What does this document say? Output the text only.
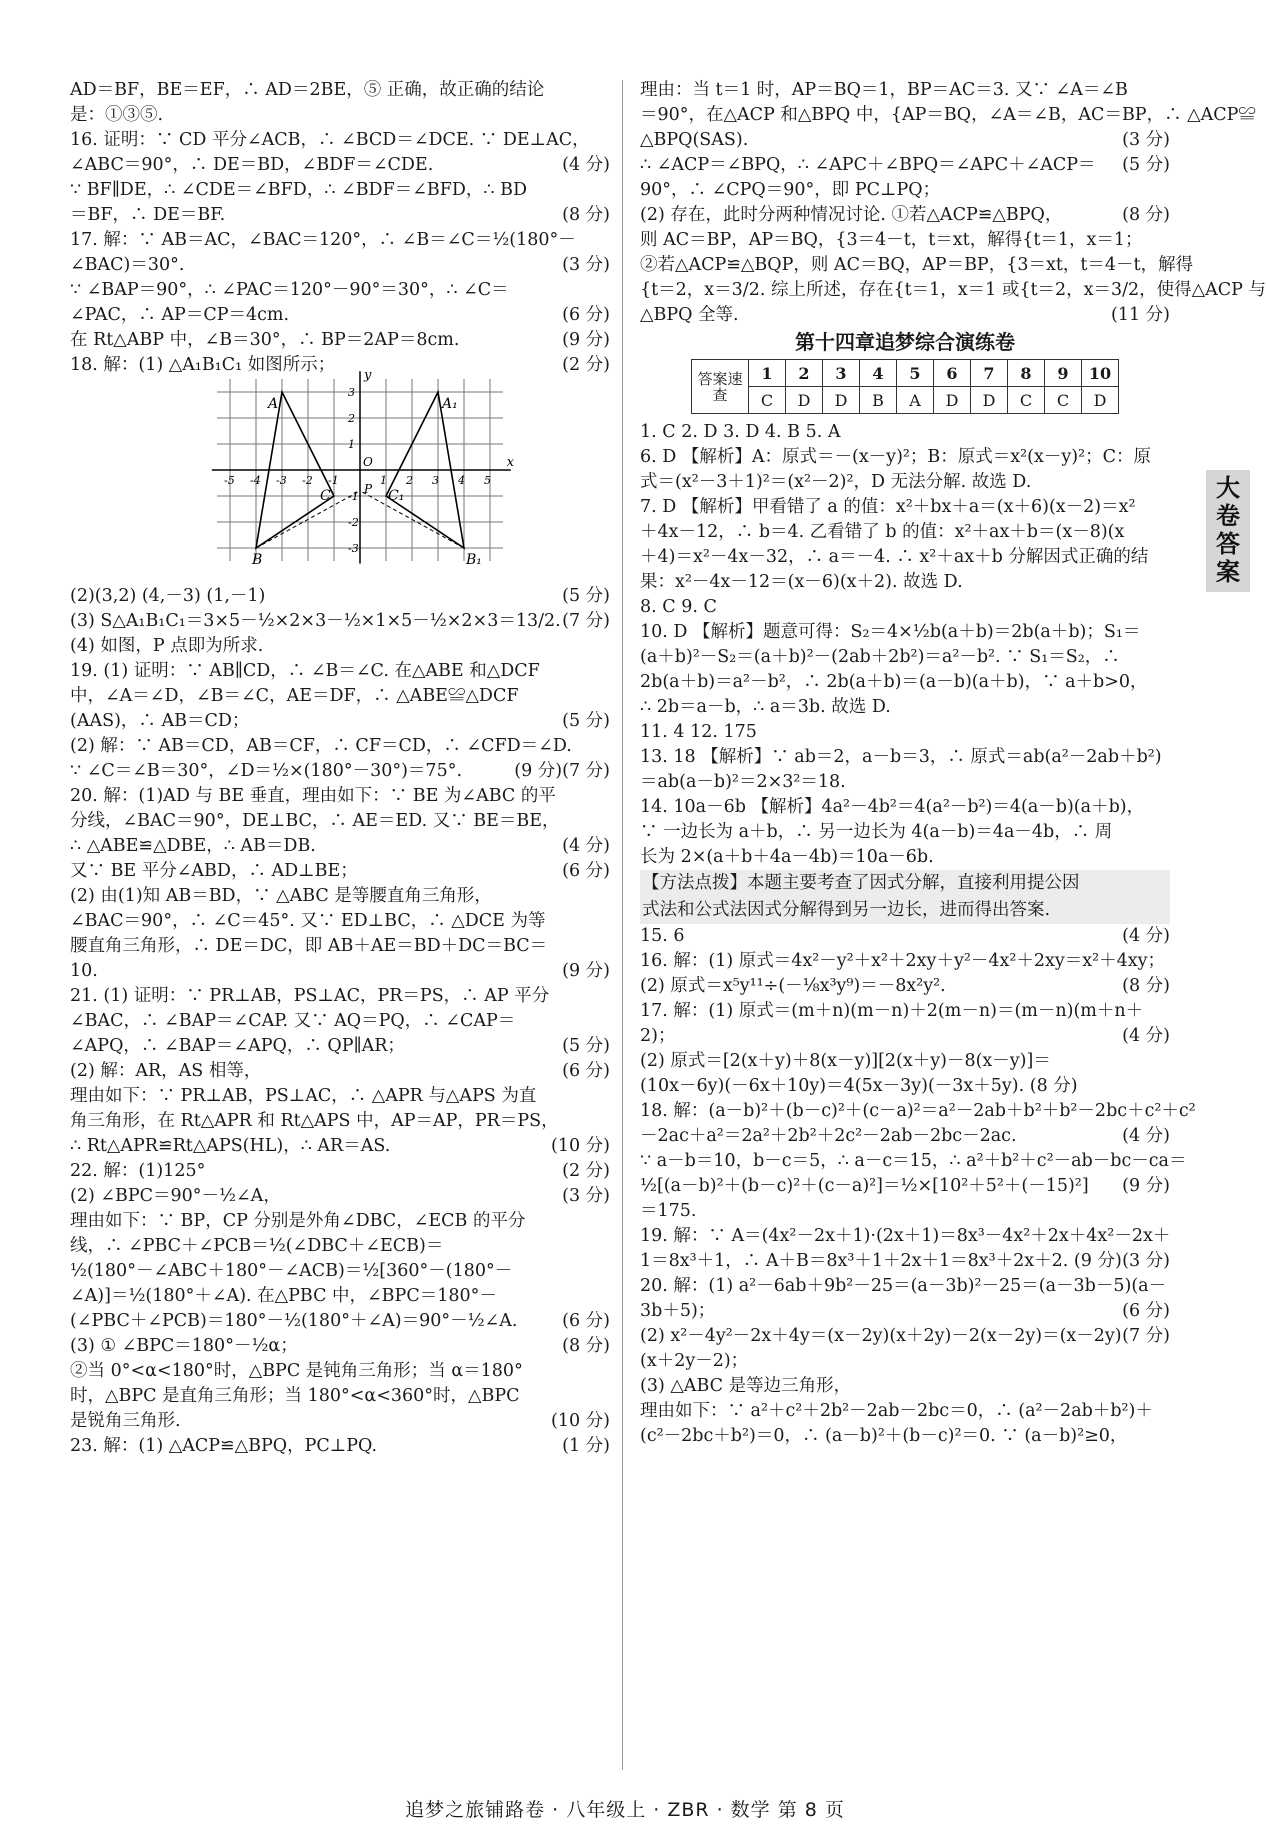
AD＝BF，BE＝EF，∴ AD＝2BE，⑤ 正确，故正确的结论
是：①③⑤.
16. 证明：∵ CD 平分∠ACB，∴ ∠BCD＝∠DCE. ∵ DE⊥AC，
∠ABC＝90°，∴ DE＝BD，∠BDF＝∠CDE.	(4 分)
∵ BF∥DE，∴ ∠CDE＝∠BFD，∴ ∠BDF＝∠BFD，∴ BD
＝BF，∴ DE＝BF.	(8 分)
17. 解：∵ AB＝AC，∠BAC＝120°，∴ ∠B＝∠C＝½(180°－
∠BAC)＝30°.	(3 分)
∵ ∠BAP＝90°，∴ ∠PAC＝120°－90°＝30°，∴ ∠C＝
∠PAC，∴ AP＝CP＝4cm.	(6 分)
在 Rt△ABP 中，∠B＝30°，∴ BP＝2AP＝8cm.	(9 分)
18. 解：(1) △A₁B₁C₁ 如图所示；	(2 分)
A	A₁
B	B₁
C	C₁
P
O	x
y
-5 -4 -3 -2 -1	1 2 3 4 5
3
2
1
-1
-2
-3
(2)(3,2) (4,－3) (1,－1)	(5 分)
(3) S△A₁B₁C₁＝3×5－½×2×3－½×1×5－½×2×3＝13/2. (7 分)
(4) 如图，P 点即为所求.
19. (1) 证明：∵ AB∥CD，∴ ∠B＝∠C. 在△ABE 和△DCF
中，∠A＝∠D，∠B＝∠C，AE＝DF，∴ △ABE≌△DCF
(AAS)，∴ AB＝CD；	(5 分)
(2) 解：∵ AB＝CD，AB＝CF，∴ CF＝CD，∴ ∠CFD＝∠D.
(7 分)
∵ ∠C＝∠B＝30°，∠D＝½×(180°－30°)＝75°.	(9 分)
20. 解：(1)AD 与 BE 垂直，理由如下：∵ BE 为∠ABC 的平
分线，∠BAC＝90°，DE⊥BC，∴ AE＝ED. 又∵ BE＝BE，
∴ △ABE≌△DBE，∴ AB＝DB.	(4 分)
又∵ BE 平分∠ABD，∴ AD⊥BE；	(6 分)
(2) 由(1)知 AB＝BD，∵ △ABC 是等腰直角三角形，
∠BAC＝90°，∴ ∠C＝45°. 又∵ ED⊥BC，∴ △DCE 为等
腰直角三角形，∴ DE＝DC，即 AB＋AE＝BD＋DC＝BC＝
10.	(9 分)
21. (1) 证明：∵ PR⊥AB，PS⊥AC，PR＝PS，∴ AP 平分
∠BAC，∴ ∠BAP＝∠CAP. 又∵ AQ＝PQ，∴ ∠CAP＝
∠APQ，∴ ∠BAP＝∠APQ，∴ QP∥AR；	(5 分)
(2) 解：AR，AS 相等，	(6 分)
理由如下：∵ PR⊥AB，PS⊥AC，∴ △APR 与△APS 为直
角三角形，在 Rt△APR 和 Rt△APS 中，AP＝AP，PR＝PS，
∴ Rt△APR≌Rt△APS(HL)，∴ AR＝AS.	(10 分)
22. 解：(1)125°	(2 分)
(2) ∠BPC＝90°－½∠A，	(3 分)
理由如下：∵ BP，CP 分别是外角∠DBC，∠ECB 的平分
线，∴ ∠PBC＋∠PCB＝½(∠DBC＋∠ECB)＝
½(180°－∠ABC＋180°－∠ACB)＝½[360°－(180°－
∠A)]＝½(180°＋∠A). 在△PBC 中，∠BPC＝180°－
(∠PBC＋∠PCB)＝180°－½(180°＋∠A)＝90°－½∠A.	(6 分)
(3) ① ∠BPC＝180°－½α；	(8 分)
②当 0°<α<180°时，△BPC 是钝角三角形；当 α＝180°
时，△BPC 是直角三角形；当 180°<α<360°时，△BPC
是锐角三角形.	(10 分)
23. 解：(1) △ACP≌△BPQ，PC⊥PQ.	(1 分)
理由：当 t＝1 时，AP＝BQ＝1，BP＝AC＝3. 又∵ ∠A＝∠B
＝90°，在△ACP 和△BPQ 中，{AP＝BQ，∠A＝∠B，AC＝BP，∴ △ACP≌
(3 分)
△BPQ(SAS).
∴ ∠ACP＝∠BPQ，∴ ∠APC＋∠BPQ＝∠APC＋∠ACP＝ (5 分)
90°，∴ ∠CPQ＝90°，即 PC⊥PQ；
(2) 存在，此时分两种情况讨论. ①若△ACP≌△BPQ，	(8 分)
则 AC＝BP，AP＝BQ，{3＝4－t，t＝xt，解得{t＝1，x＝1；
②若△ACP≌△BQP，则 AC＝BQ，AP＝BP，{3＝xt，t＝4－t，解得
{t＝2，x＝3/2. 综上所述，存在{t＝1，x＝1 或{t＝2，x＝3/2，使得△ACP 与
(11 分)
△BPQ 全等.
第十四章追梦综合演练卷
答案速查	1	2	3	4	5	6	7	8	9	10
	C	D	D	B	A	D	D	C	C	D
1. C 2. D 3. D 4. B 5. A
6. D 【解析】A：原式＝－(x－y)²；B：原式＝x²(x－y)²；C：原
式＝(x²－3＋1)²＝(x²－2)²，D 无法分解. 故选 D.
7. D 【解析】甲看错了 a 的值：x²＋bx＋a＝(x＋6)(x－2)＝x²
＋4x－12，∴ b＝4. 乙看错了 b 的值：x²＋ax＋b＝(x－8)(x
＋4)＝x²－4x－32，∴ a＝－4. ∴ x²＋ax＋b 分解因式正确的结
果：x²－4x－12＝(x－6)(x＋2). 故选 D.
8. C 9. C
10. D 【解析】题意可得：S₂＝4×½b(a＋b)＝2b(a＋b)；S₁＝
(a＋b)²－S₂＝(a＋b)²－(2ab＋2b²)＝a²－b². ∵ S₁＝S₂，∴
2b(a＋b)＝a²－b²，∴ 2b(a＋b)＝(a－b)(a＋b)，∵ a＋b>0，
∴ 2b＝a－b，∴ a＝3b. 故选 D.
11. 4 12. 175
13. 18 【解析】∵ ab＝2，a－b＝3，∴ 原式＝ab(a²－2ab＋b²)
＝ab(a－b)²＝2×3²＝18.
14. 10a－6b 【解析】4a²－4b²＝4(a²－b²)＝4(a－b)(a＋b)，
∵ 一边长为 a＋b，∴ 另一边长为 4(a－b)＝4a－4b，∴ 周
长为 2×(a＋b＋4a－4b)＝10a－6b.
【方法点拨】本题主要考查了因式分解，直接利用提公因
式法和公式法因式分解得到另一边长，进而得出答案.
15. 6	(4 分)
16. 解：(1) 原式＝4x²－y²＋x²＋2xy＋y²－4x²＋2xy＝x²＋4xy；
(8 分)
(2) 原式＝x⁵y¹¹÷(－⅛x³y⁹)＝－8x²y².
17. 解：(1) 原式＝(m＋n)(m－n)＋2(m－n)＝(m－n)(m＋n＋
(4 分)
2)；
(2) 原式＝[2(x＋y)＋8(x－y)][2(x＋y)－8(x－y)]＝
(10x－6y)(－6x＋10y)＝4(5x－3y)(－3x＋5y). (8 分)
18. 解：(a－b)²＋(b－c)²＋(c－a)²＝a²－2ab＋b²＋b²－2bc＋c²＋c²
－2ac＋a²＝2a²＋2b²＋2c²－2ab－2bc－2ac.	(4 分)
∵ a－b＝10，b－c＝5，∴ a－c＝15，∴ a²＋b²＋c²－ab－bc－ca＝
½[(a－b)²＋(b－c)²＋(c－a)²]＝½×[10²＋5²＋(－15)²] (9 分)
＝175.
19. 解：∵ A＝(4x²－2x＋1)·(2x＋1)＝8x³－4x²＋2x＋4x²－2x＋
1＝8x³＋1，∴ A＋B＝8x³＋1＋2x＋1＝8x³＋2x＋2. (9 分) (3 分)
20. 解：(1) a²－6ab＋9b²－25＝(a－3b)²－25＝(a－3b－5)(a－
3b＋5)；	(6 分)
(2) x²－4y²－2x＋4y＝(x－2y)(x＋2y)－2(x－2y)＝(x－2y) (7 分)
(x＋2y－2)；
(3) △ABC 是等边三角形，
理由如下：∵ a²＋c²＋2b²－2ab－2bc＝0，∴ (a²－2ab＋b²)＋
(c²－2bc＋b²)＝0，∴ (a－b)²＋(b－c)²＝0. ∵ (a－b)²≥0，
大
卷
答
案
追梦之旅铺路卷 · 八年级上 · ZBR · 数学 第 8 页
